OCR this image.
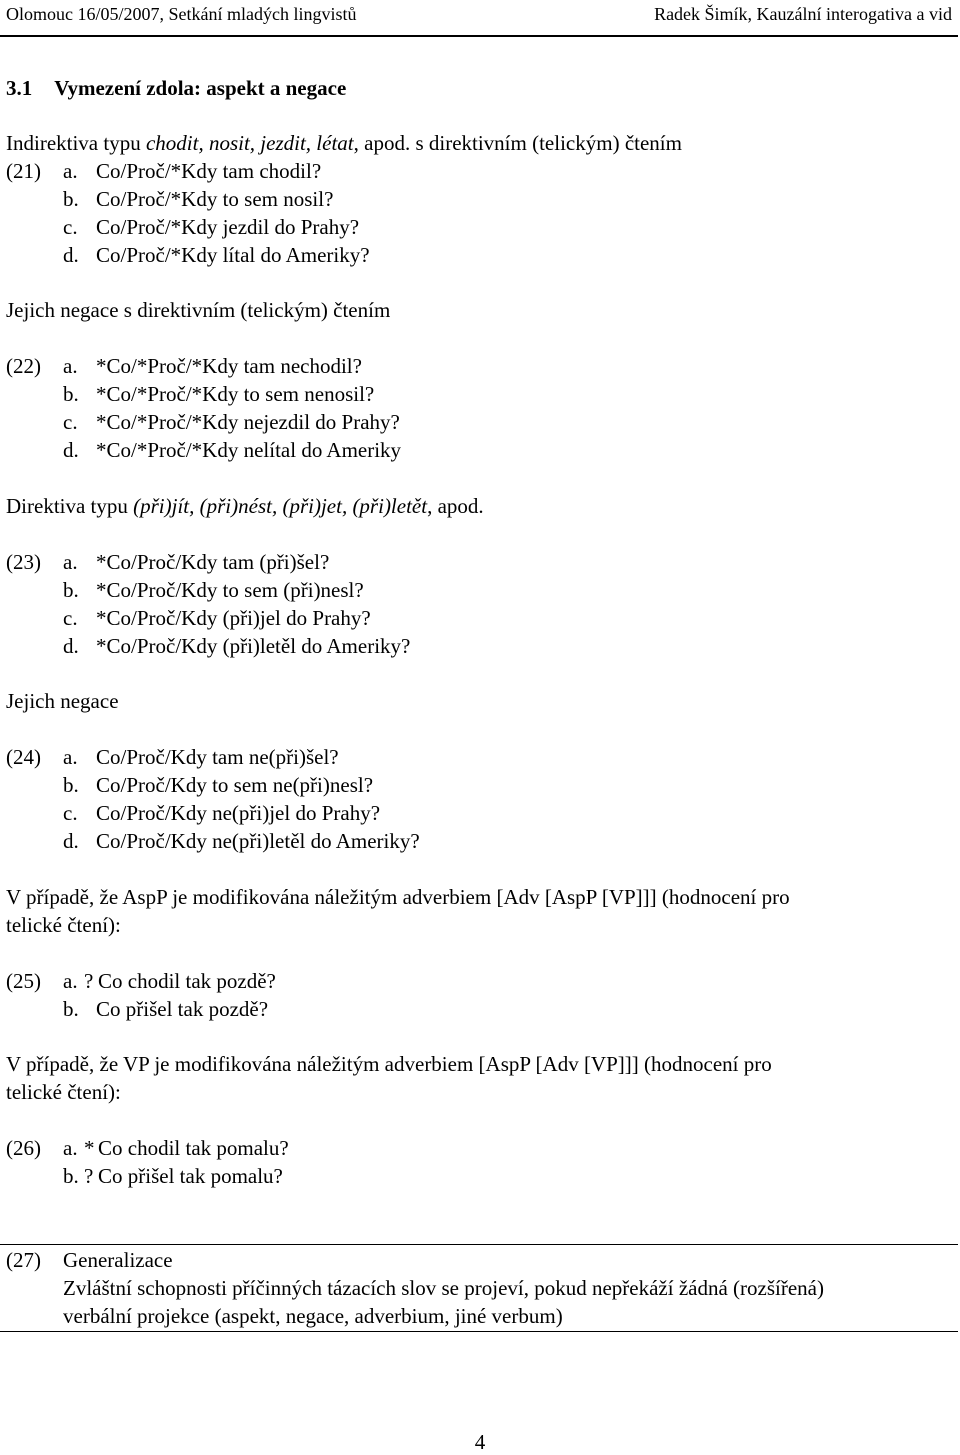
Olomouc 16/05/2007, Setkání mladých lingvistů	Radek Šimík, Kauzální interogativa a vid
3.1 Vymezení zdola: aspekt a negace
Indirektiva typu chodit, nosit, jezdit, létat, apod. s direktivním (telickým) čtením
(21) a. Co/Proč/*Kdy tam chodil?
b. Co/Proč/*Kdy to sem nosil?
c. Co/Proč/*Kdy jezdil do Prahy?
d. Co/Proč/*Kdy lítal do Ameriky?
Jejich negace s direktivním (telickým) čtením
(22) a. *Co/*Proč/*Kdy tam nechodil?
b. *Co/*Proč/*Kdy to sem nenosil?
c. *Co/*Proč/*Kdy nejezdil do Prahy?
d. *Co/*Proč/*Kdy nelítal do Ameriky
Direktiva typu (při)jít, (při)nést, (při)jet, (při)letět, apod.
(23) a. *Co/Proč/Kdy tam (při)šel?
b. *Co/Proč/Kdy to sem (při)nesl?
c. *Co/Proč/Kdy (při)jel do Prahy?
d. *Co/Proč/Kdy (při)letěl do Ameriky?
Jejich negace
(24) a. Co/Proč/Kdy tam ne(při)šel?
b. Co/Proč/Kdy to sem ne(při)nesl?
c. Co/Proč/Kdy ne(při)jel do Prahy?
d. Co/Proč/Kdy ne(při)letěl do Ameriky?
V případě, že AspP je modifikována náležitým adverbiem [Adv [AspP [VP]]] (hodnocení pro
telické čtení):
(25) a. ? Co chodil tak pozdě?
b. Co přišel tak pozdě?
V případě, že VP je modifikována náležitým adverbiem [AspP [Adv [VP]]] (hodnocení pro
telické čtení):
(26) a. * Co chodil tak pomalu?
b. ? Co přišel tak pomalu?
(27) Generalizace
Zvláštní schopnosti příčinných tázacích slov se projeví, pokud nepřekáží žádná (rozšířená)
verbální projekce (aspekt, negace, adverbium, jiné verbum)
4
